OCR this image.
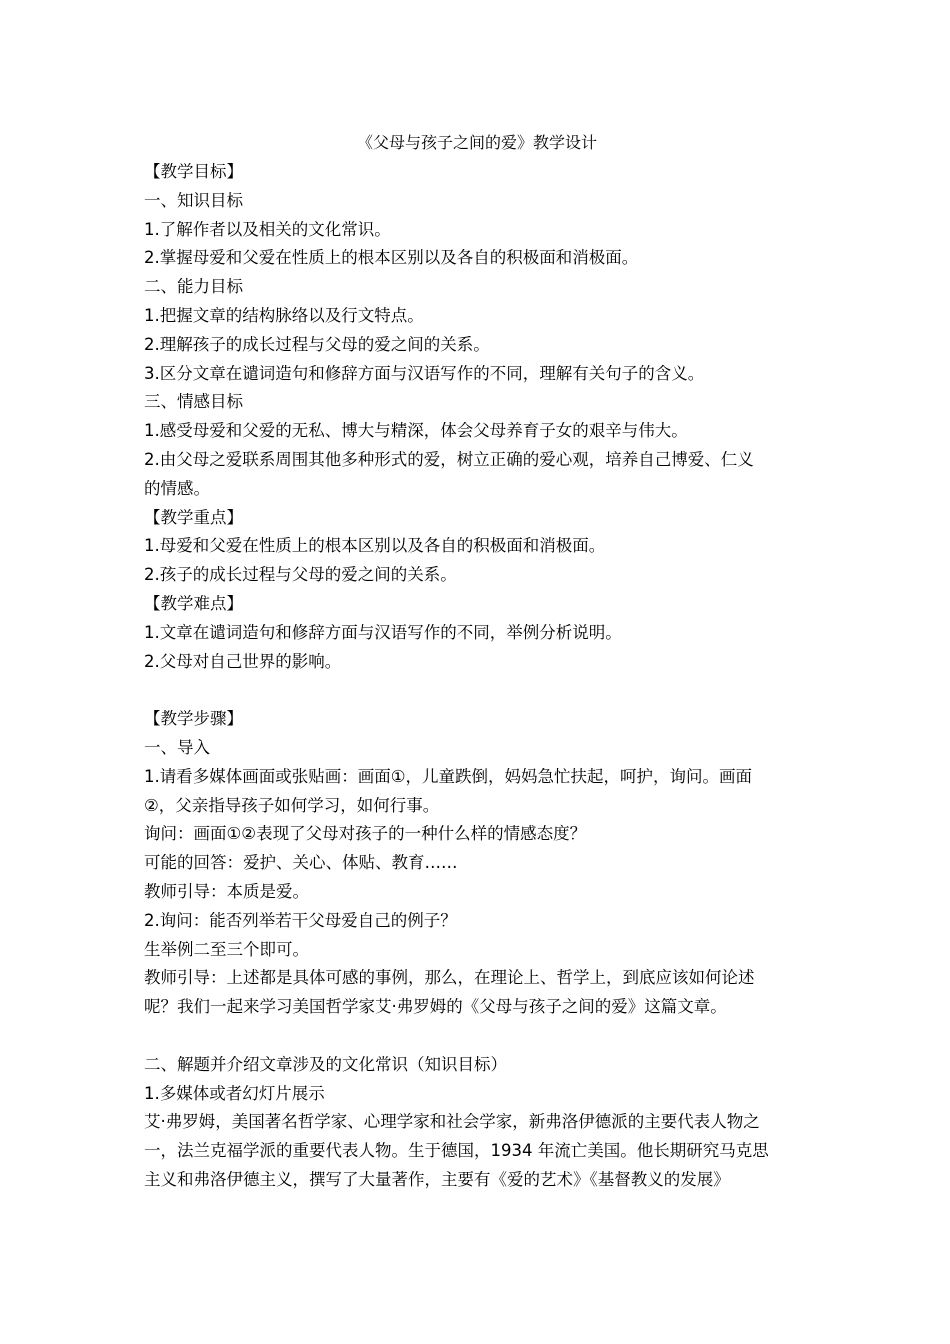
《父母与孩子之间的爱》教学设计
【教学目标】
一、知识目标
1.了解作者以及相关的文化常识。
2.掌握母爱和父爱在性质上的根本区别以及各自的积极面和消极面。
二、能力目标
1.把握文章的结构脉络以及行文特点。
2.理解孩子的成长过程与父母的爱之间的关系。
3.区分文章在谴词造句和修辞方面与汉语写作的不同，理解有关句子的含义。
三、情感目标
1.感受母爱和父爱的无私、博大与精深，体会父母养育子女的艰辛与伟大。
2.由父母之爱联系周围其他多种形式的爱，树立正确的爱心观，培养自己博爱、仁义
的情感。
【教学重点】
1.母爱和父爱在性质上的根本区别以及各自的积极面和消极面。
2.孩子的成长过程与父母的爱之间的关系。
【教学难点】
1.文章在谴词造句和修辞方面与汉语写作的不同，举例分析说明。
2.父母对自己世界的影响。
【教学步骤】
一、导入
1.请看多媒体画面或张贴画：画面①，儿童跌倒，妈妈急忙扶起，呵护，询问。画面
②，父亲指导孩子如何学习，如何行事。
询问：画面①②表现了父母对孩子的一种什么样的情感态度？
可能的回答：爱护、关心、体贴、教育……
教师引导：本质是爱。
2.询问：能否列举若干父母爱自己的例子？
生举例二至三个即可。
教师引导：上述都是具体可感的事例，那么，在理论上、哲学上，到底应该如何论述
呢？我们一起来学习美国哲学家艾·弗罗姆的《父母与孩子之间的爱》这篇文章。
二、解题并介绍文章涉及的文化常识（知识目标）
1.多媒体或者幻灯片展示
艾·弗罗姆，美国著名哲学家、心理学家和社会学家，新弗洛伊德派的主要代表人物之
一，法兰克福学派的重要代表人物。生于德国，1934 年流亡美国。他长期研究马克思
主义和弗洛伊德主义，撰写了大量著作，主要有《爱的艺术》《基督教义的发展》
